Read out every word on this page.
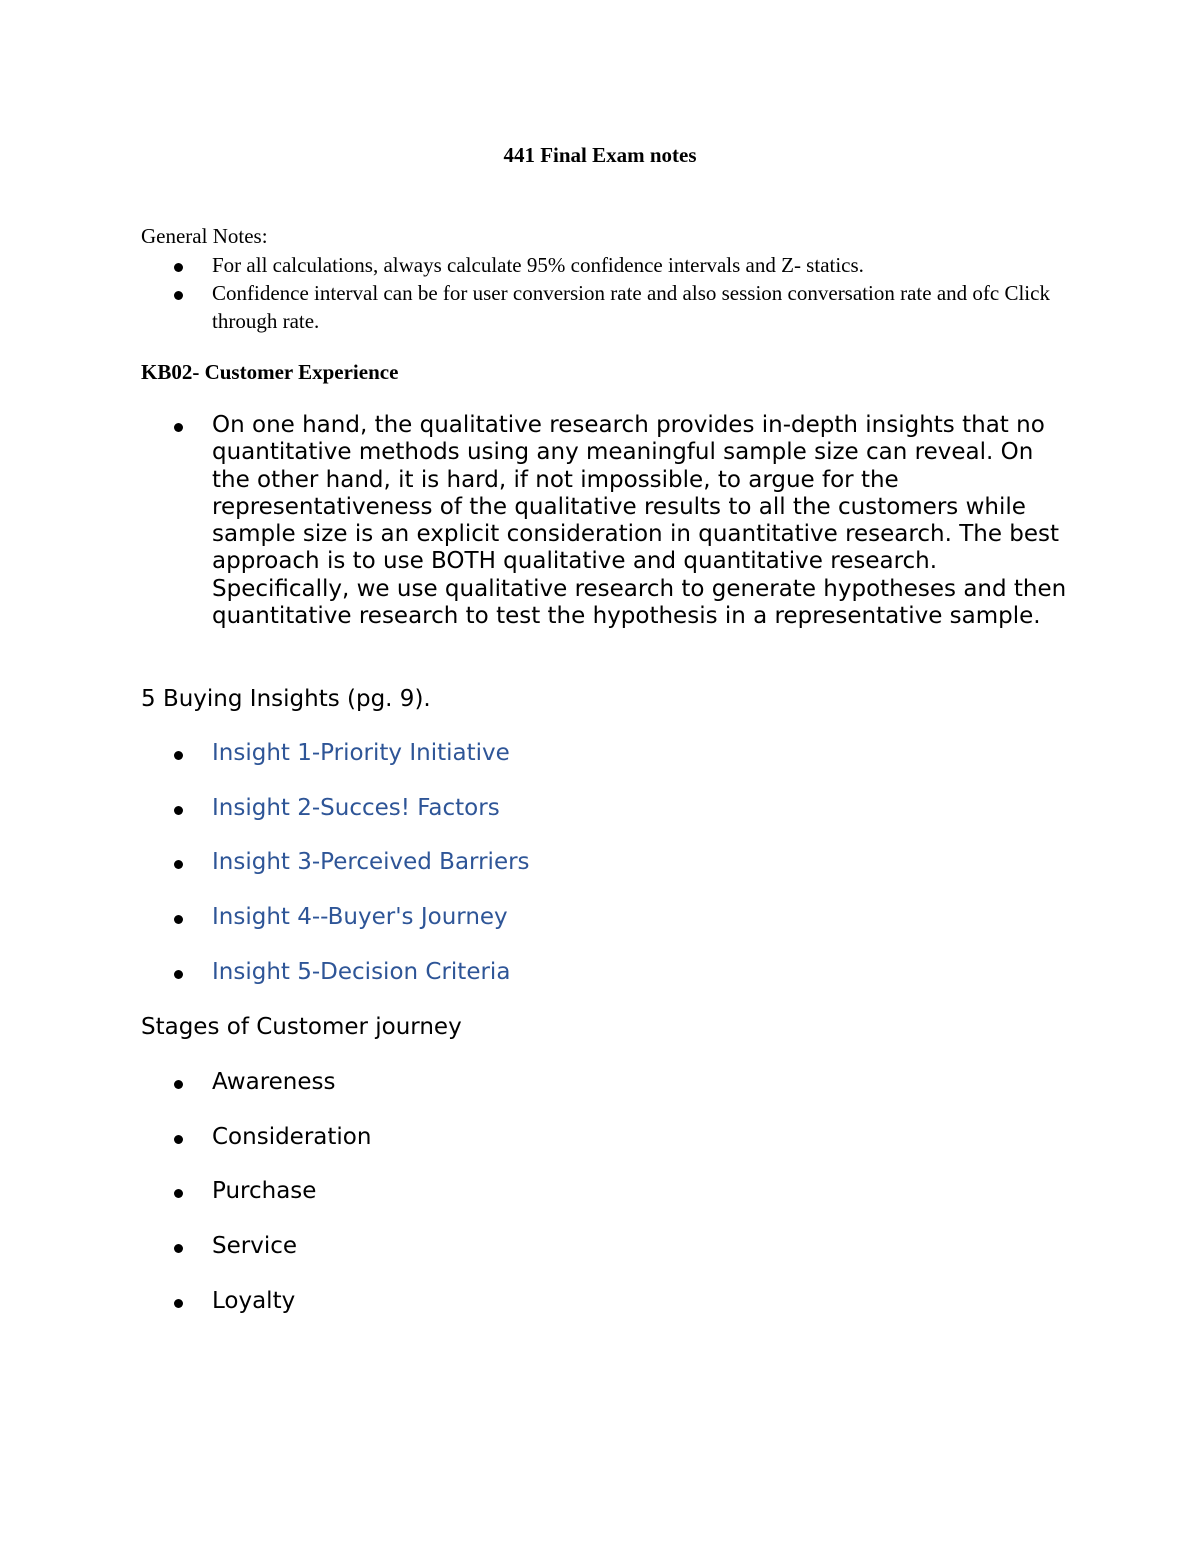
441 Final Exam notes
General Notes:
For all calculations, always calculate 95% confidence intervals and Z- statics.
Confidence interval can be for user conversion rate and also session conversation rate and ofc Click through rate.
KB02- Customer Experience
On one hand, the qualitative research provides in-depth insights that no quantitative methods using any meaningful sample size can reveal. On the other hand, it is hard, if not impossible, to argue for the representativeness of the qualitative results to all the customers while sample size is an explicit consideration in quantitative research. The best approach is to use BOTH qualitative and quantitative research. Specifically, we use qualitative research to generate hypotheses and then quantitative research to test the hypothesis in a representative sample.
5 Buying Insights (pg. 9).
Insight 1-Priority Initiative
Insight 2-Succes! Factors
Insight 3-Perceived Barriers
Insight 4--Buyer's Journey
Insight 5-Decision Criteria
Stages of Customer journey
Awareness
Consideration
Purchase
Service
Loyalty
